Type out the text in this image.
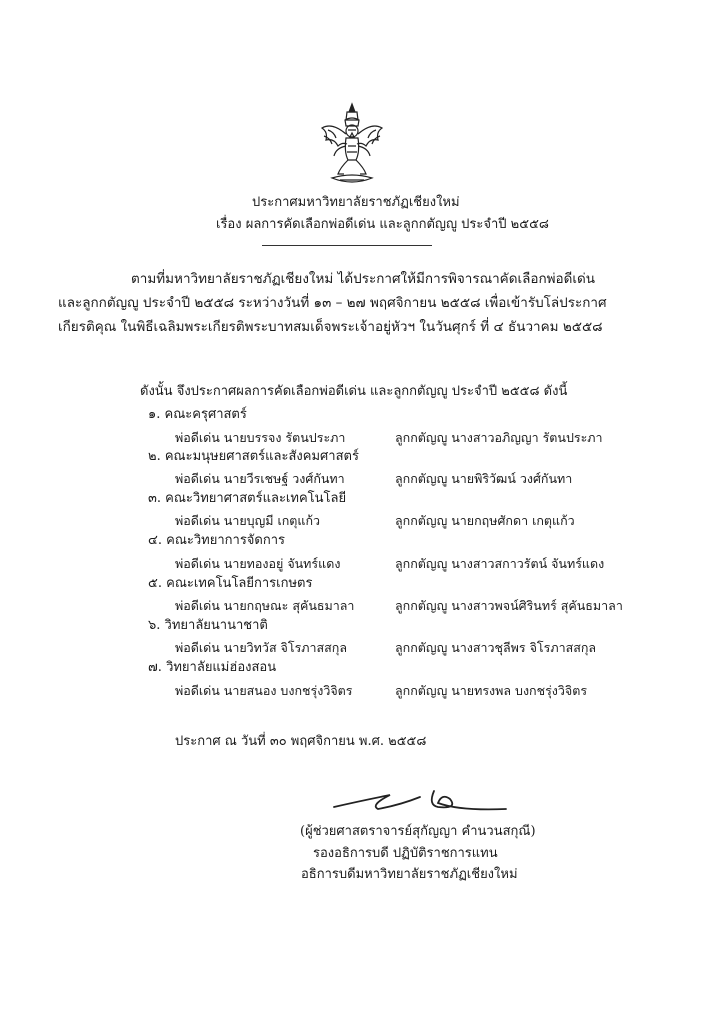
ประกาศมหาวิทยาลัยราชภัฏเชียงใหม่
เรื่อง ผลการคัดเลือกพ่อดีเด่น และลูกกตัญญู ประจำปี ๒๕๕๘

ตามที่มหาวิทยาลัยราชภัฏเชียงใหม่ ได้ประกาศให้มีการพิจารณาคัดเลือกพ่อดีเด่น

และลูกกตัญญู ประจำปี ๒๕๕๘ ระหว่างวันที่ ๑๓ – ๒๗ พฤศจิกายน ๒๕๕๘ เพื่อเข้ารับโล่ประกาศ

เกียรติคุณ ในพิธีเฉลิมพระเกียรติพระบาทสมเด็จพระเจ้าอยู่หัวฯ ในวันศุกร์ ที่ ๔ ธันวาคม ๒๕๕๘

ดังนั้น จึงประกาศผลการคัดเลือกพ่อดีเด่น และลูกกตัญญู ประจำปี ๒๕๕๘ ดังนี้
๑. คณะครุศาสตร์
พ่อดีเด่น นายบรรจง รัตนประภา	ลูกกตัญญู นางสาวอภิญญา รัตนประภา
๒. คณะมนุษยศาสตร์และสังคมศาสตร์
พ่อดีเด่น นายวีรเชษฐ์ วงศ์กันทา	ลูกกตัญญู นายพิริวัฒน์ วงศ์กันทา
๓. คณะวิทยาศาสตร์และเทคโนโลยี
พ่อดีเด่น นายบุญมี เกตุแก้ว	ลูกกตัญญู นายกฤษศักดา เกตุแก้ว
๔. คณะวิทยาการจัดการ
พ่อดีเด่น นายทองอยู่ จันทร์แดง	ลูกกตัญญู นางสาวสกาวรัตน์ จันทร์แดง
๕. คณะเทคโนโลยีการเกษตร
พ่อดีเด่น นายกฤษณะ สุคันธมาลา	ลูกกตัญญู นางสาวพจน์ศิรินทร์ สุคันธมาลา
๖. วิทยาลัยนานาชาติ
พ่อดีเด่น นายวิทวัส จิโรภาสสกุล	ลูกกตัญญู นางสาวชุลีพร จิโรภาสสกุล
๗. วิทยาลัยแม่ฮ่องสอน
พ่อดีเด่น นายสนอง บงกชรุ่งวิจิตร	ลูกกตัญญู นายทรงพล บงกชรุ่งวิจิตร
ประกาศ ณ วันที่ ๓๐ พฤศจิกายน พ.ศ. ๒๕๕๘
(ผู้ช่วยศาสตราจารย์สุกัญญา คำนวนสกุณี)
รองอธิการบดี ปฏิบัติราชการแทน
อธิการบดีมหาวิทยาลัยราชภัฏเชียงใหม่
